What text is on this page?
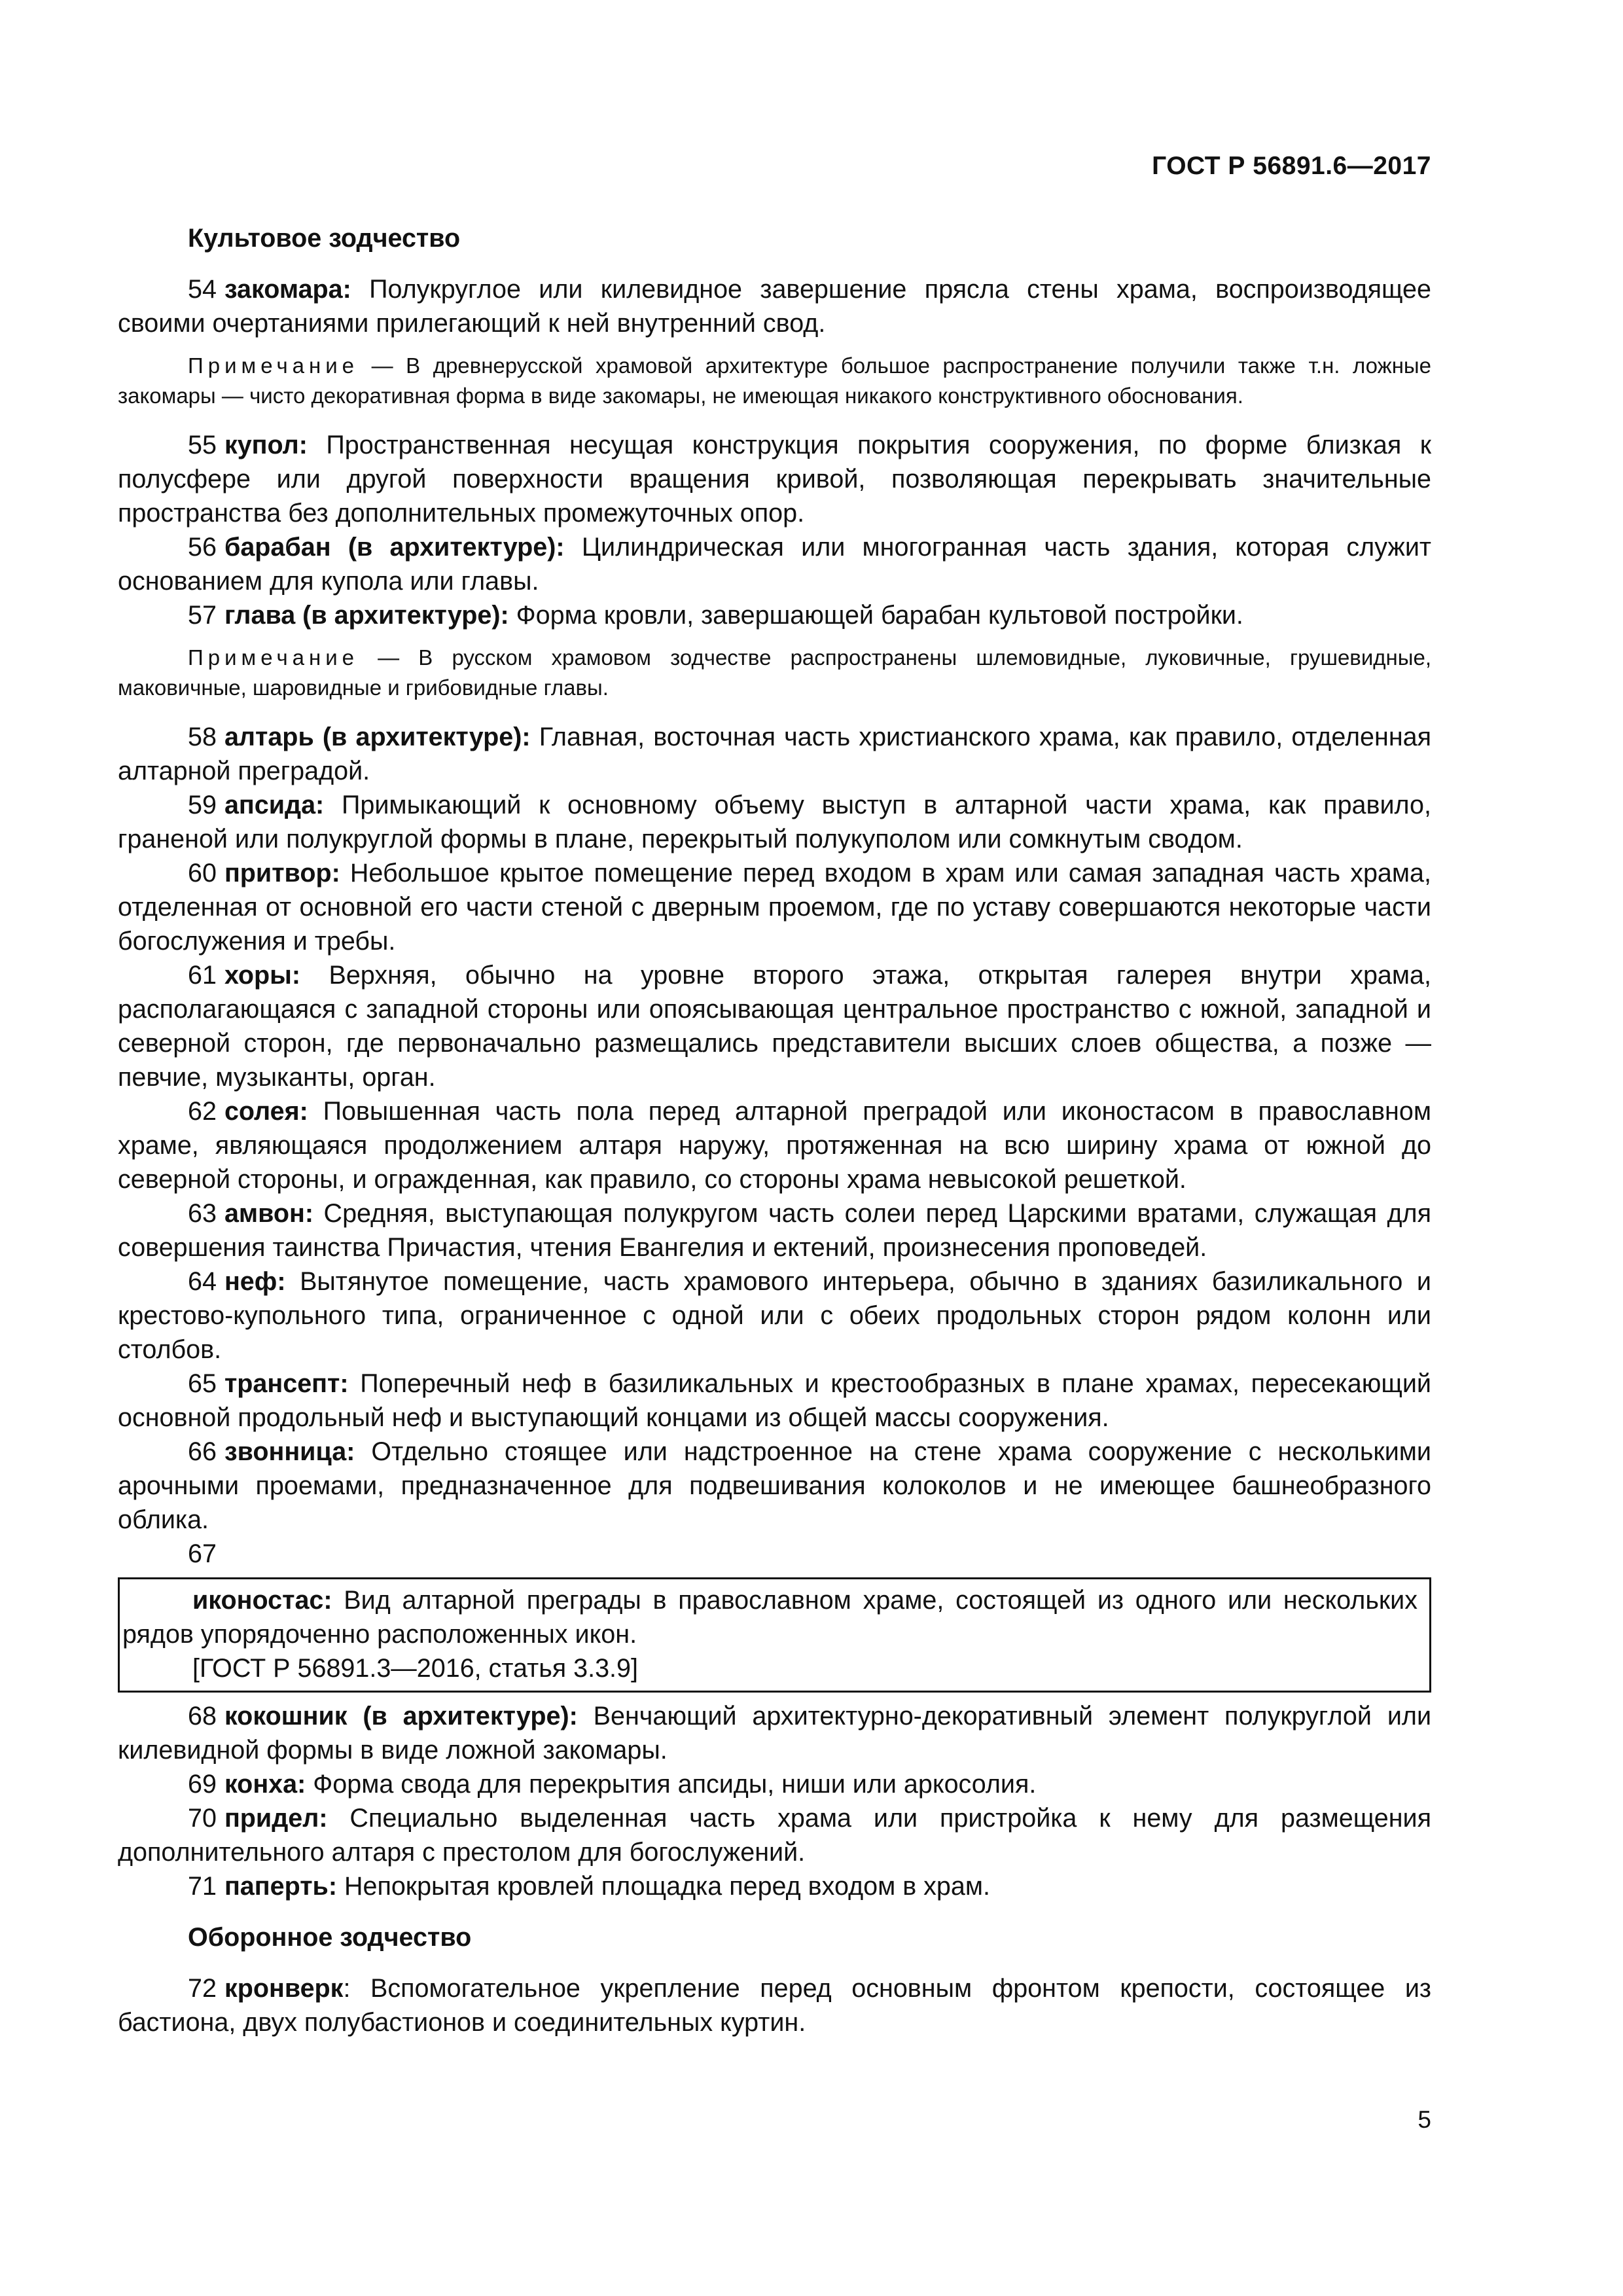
ГОСТ Р 56891.6—2017

Культовое зодчество

54 закомара: Полукруглое или килевидное завершение прясла стены храма, воспроизводящее своими очертаниями прилегающий к ней внутренний свод.

Примечание — В древнерусской храмовой архитектуре большое распространение получили также т.н. ложные закомары — чисто декоративная форма в виде закомары, не имеющая никакого конструктивного обоснования.

55 купол: Пространственная несущая конструкция покрытия сооружения, по форме близкая к полусфере или другой поверхности вращения кривой, позволяющая перекрывать значительные пространства без дополнительных промежуточных опор.

56 барабан (в архитектуре): Цилиндрическая или многогранная часть здания, которая служит основанием для купола или главы.

57 глава (в архитектуре): Форма кровли, завершающей барабан культовой постройки.

Примечание — В русском храмовом зодчестве распространены шлемовидные, луковичные, грушевидные, маковичные, шаровидные и грибовидные главы.

58 алтарь (в архитектуре): Главная, восточная часть христианского храма, как правило, отделенная алтарной преградой.

59 апсида: Примыкающий к основному объему выступ в алтарной части храма, как правило, граненой или полукруглой формы в плане, перекрытый полукуполом или сомкнутым сводом.

60 притвор: Небольшое крытое помещение перед входом в храм или самая западная часть храма, отделенная от основной его части стеной с дверным проемом, где по уставу совершаются некоторые части богослужения и требы.

61 хоры: Верхняя, обычно на уровне второго этажа, открытая галерея внутри храма, располагающаяся с западной стороны или опоясывающая центральное пространство с южной, западной и северной сторон, где первоначально размещались представители высших слоев общества, а позже — певчие, музыканты, орган.

62 солея: Повышенная часть пола перед алтарной преградой или иконостасом в православном храме, являющаяся продолжением алтаря наружу, протяженная на всю ширину храма от южной до северной стороны, и огражденная, как правило, со стороны храма невысокой решеткой.

63 амвон: Средняя, выступающая полукругом часть солеи перед Царскими вратами, служащая для совершения таинства Причастия, чтения Евангелия и ектений, произнесения проповедей.

64 неф: Вытянутое помещение, часть храмового интерьера, обычно в зданиях базиликального и крестово-купольного типа, ограниченное с одной или с обеих продольных сторон рядом колонн или столбов.

65 трансепт: Поперечный неф в базиликальных и крестообразных в плане храмах, пересекающий основной продольный неф и выступающий концами из общей массы сооружения.

66 звонница: Отдельно стоящее или надстроенное на стене храма сооружение с несколькими арочными проемами, предназначенное для подвешивания колоколов и не имеющее башнеобразного облика.

67

иконостас: Вид алтарной преграды в православном храме, состоящей из одного или нескольких рядов упорядоченно расположенных икон.

[ГОСТ Р 56891.3—2016, статья 3.3.9]

68 кокошник (в архитектуре): Венчающий архитектурно-декоративный элемент полукруглой или килевидной формы в виде ложной закомары.

69 конха: Форма свода для перекрытия апсиды, ниши или аркосолия.

70 придел: Специально выделенная часть храма или пристройка к нему для размещения дополнительного алтаря с престолом для богослужений.

71 паперть: Непокрытая кровлей площадка перед входом в храм.

Оборонное зодчество

72 кронверк: Вспомогательное укрепление перед основным фронтом крепости, состоящее из бастиона, двух полубастионов и соединительных куртин.

5
